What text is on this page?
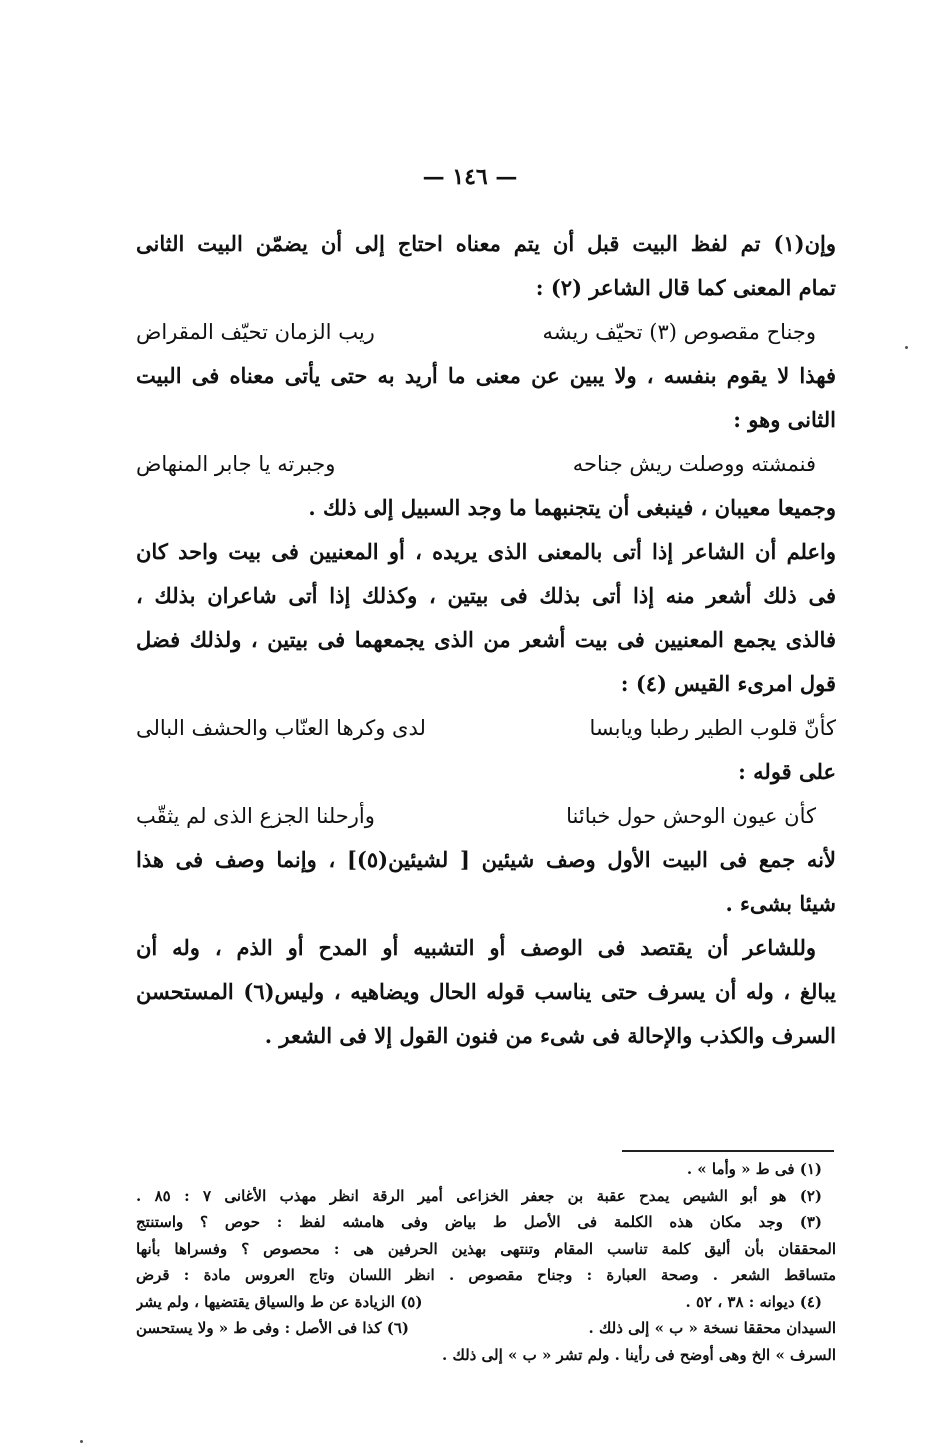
— ١٤٦ —
وإن(١) تم لفظ البيت قبل أن يتم معناه احتاج إلى أن يضمّن البيت الثانى
تمام المعنى كما قال الشاعر (٢) :
وجناح مقصوص (٣) تحيّف ريشه
ريب الزمان تحيّف المقراض
فهذا لا يقوم بنفسه ، ولا يبين عن معنى ما أريد به حتى يأتى معناه فى البيت
الثانى وهو :
فنمشته ووصلت ريش جناحه
وجبرته يا جابر المنهاض
وجميعا معيبان ، فينبغى أن يتجنبهما ما وجد السبيل إلى ذلك .
واعلم أن الشاعر إذا أتى بالمعنى الذى يريده ، أو المعنيين فى بيت واحد كان
فى ذلك أشعر منه إذا أتى بذلك فى بيتين ، وكذلك إذا أتى شاعران بذلك ،
فالذى يجمع المعنيين فى بيت أشعر من الذى يجمعهما فى بيتين ، ولذلك فضل
قول امرىء القيس (٤) :
كأنّ قلوب الطير رطبا ويابسا
لدى وكرها العنّاب والحشف البالى
على قوله :
كأن عيون الوحش حول خبائنا
وأرحلنا الجزع الذى لم يثقّب
لأنه جمع فى البيت الأول وصف شيئين [ لشيئين(٥)] ، وإنما وصف فى هذا
شيئا بشىء .
وللشاعر أن يقتصد فى الوصف أو التشبيه أو المدح أو الذم ، وله أن
يبالغ ، وله أن يسرف حتى يناسب قوله الحال ويضاهيه ، وليس(٦) المستحسن
السرف والكذب والإحالة فى شىء من فنون القول إلا فى الشعر .
(١) فى ط « وأما » .
(٢) هو أبو الشيص يمدح عقبة بن جعفر الخزاعى أمير الرقة انظر مهذب الأغانى ٧ : ٨٥ .
(٣) وجد مكان هذه الكلمة فى الأصل ط بياض وفى هامشه لفظ : حوص ؟ واستنتج
المحققان بأن أليق كلمة تناسب المقام وتنتهى بهذين الحرفين هى : محصوص ؟ وفسراها بأنها
متساقط الشعر . وصحة العبارة : وجناح مقصوص . انظر اللسان وتاج العروس مادة : قرض
(٤) ديوانه : ٣٨ ، ٥٢ .
(٥) الزيادة عن ط والسياق يقتضيها ، ولم يشر
السيدان محققا نسخة « ب » إلى ذلك .
(٦) كذا فى الأصل : وفى ط « ولا يستحسن
السرف » الخ وهى أوضح فى رأينا . ولم تشر « ب » إلى ذلك .
